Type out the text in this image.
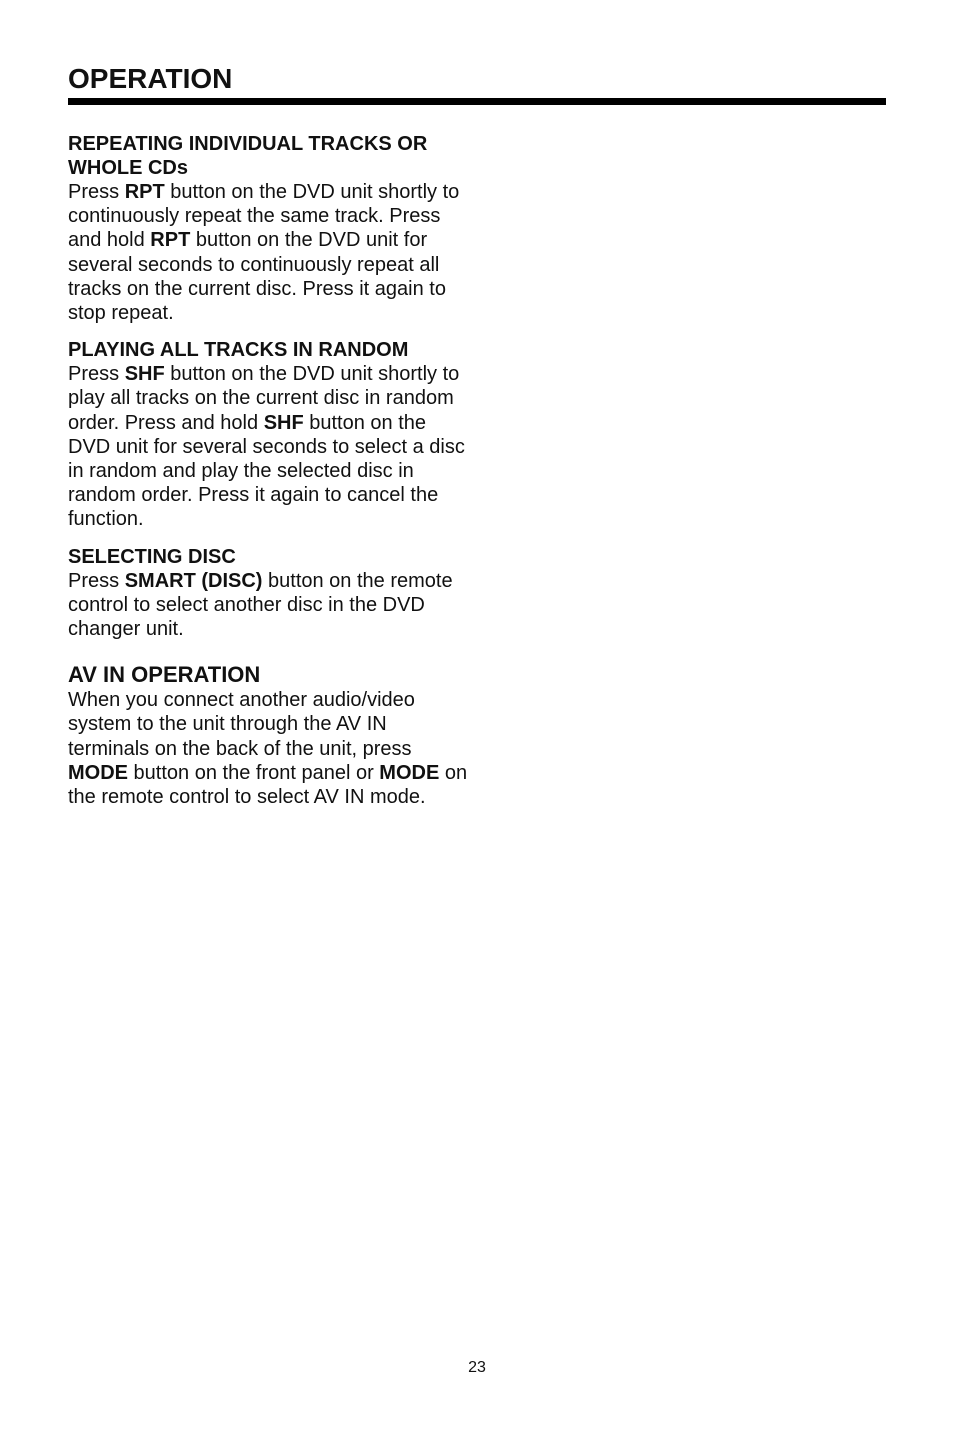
OPERATION

REPEATING INDIVIDUAL TRACKS OR
WHOLE CDs

Press RPT button on the DVD unit shortly to continuously repeat the same track. Press and hold RPT button on the DVD unit for several seconds to continuously repeat all tracks on the current disc. Press it again to stop repeat.

PLAYING ALL TRACKS IN RANDOM

Press SHF button on the DVD unit shortly to play all tracks on the current disc in random order. Press and hold SHF button on the DVD unit for several seconds to select a disc in random and play the selected disc in random order. Press it again to cancel the function.

SELECTING DISC

Press SMART (DISC) button on the remote control to select another disc in the DVD changer unit.

AV IN OPERATION

When you connect another audio/video system to the unit through the AV IN terminals on the back of the unit, press MODE button on the front panel or MODE on the remote control to select AV IN mode.

23
